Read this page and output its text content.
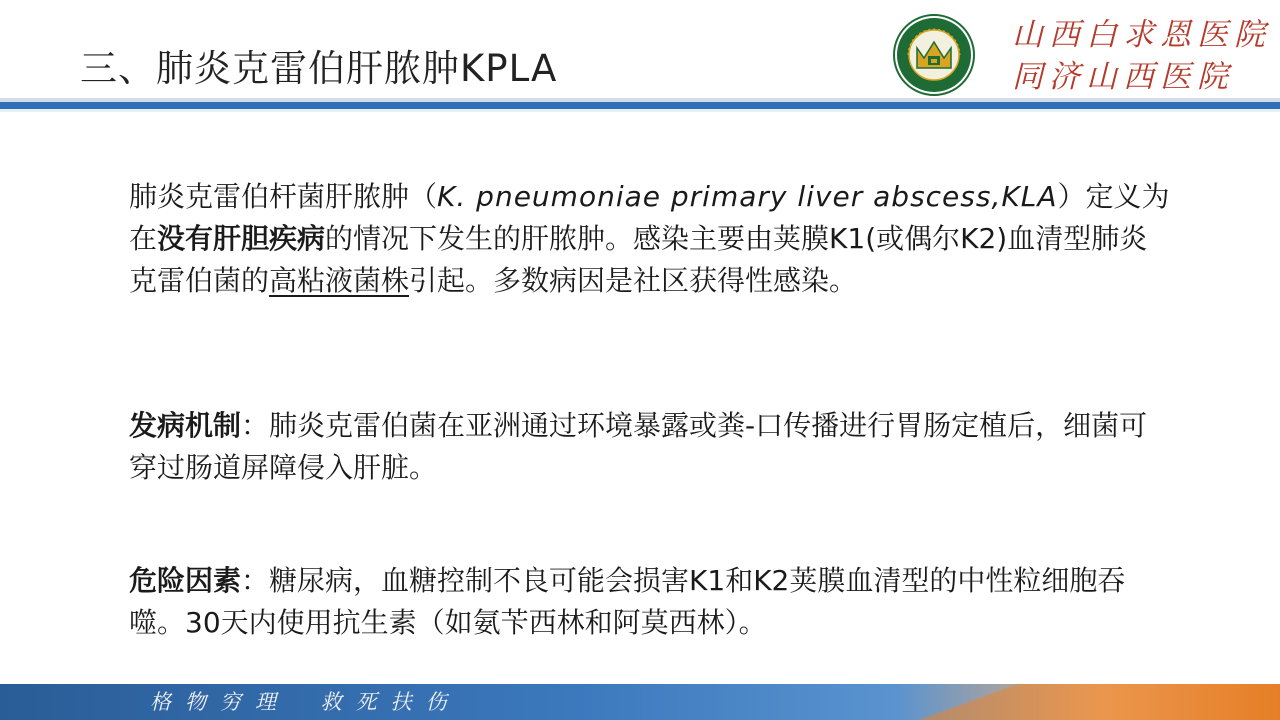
三、肺炎克雷伯肝脓肿KPLA
山西白求恩医院
同济山西医院
肺炎克雷伯杆菌肝脓肿（K. pneumoniae primary liver abscess,KLA）定义为在没有肝胆疾病的情况下发生的肝脓肿。感染主要由荚膜K1(或偶尔K2)血清型肺炎克雷伯菌的高粘液菌株引起。多数病因是社区获得性感染。
发病机制：肺炎克雷伯菌在亚洲通过环境暴露或粪-口传播进行胃肠定植后，细菌可穿过肠道屏障侵入肝脏。
危险因素：糖尿病，血糖控制不良可能会损害K1和K2荚膜血清型的中性粒细胞吞噬。30天内使用抗生素（如氨苄西林和阿莫西林）。
格物穷理 救死扶伤
